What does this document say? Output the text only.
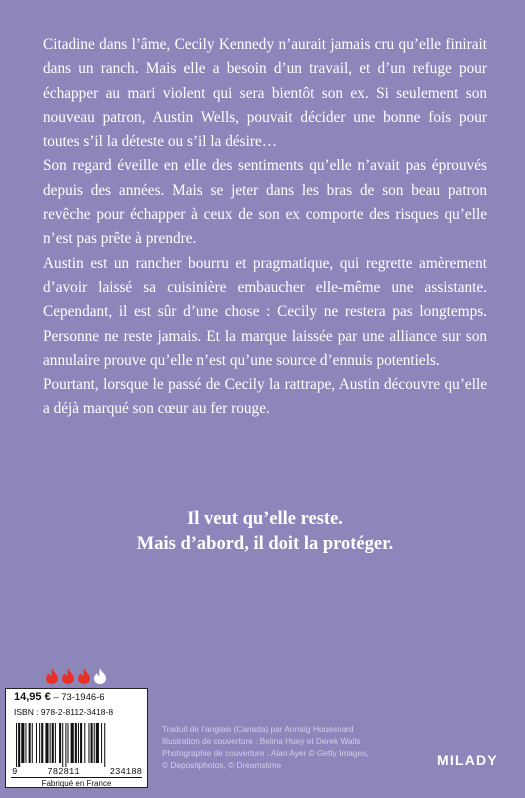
Citadine dans l’âme, Cecily Kennedy n’aurait jamais cru qu’elle finirait dans un ranch. Mais elle a besoin d’un travail, et d’un refuge pour échapper au mari violent qui sera bientôt son ex. Si seulement son nouveau patron, Austin Wells, pouvait décider une bonne fois pour toutes s’il la déteste ou s’il la désire…

Son regard éveille en elle des sentiments qu’elle n’avait pas éprouvés depuis des années. Mais se jeter dans les bras de son beau patron revêche pour échapper à ceux de son ex comporte des risques qu’elle n’est pas prête à prendre.

Austin est un rancher bourru et pragmatique, qui regrette amèrement d’avoir laissé sa cuisinière embaucher elle-même une assistante. Cependant, il est sûr d’une chose : Cecily ne restera pas longtemps. Personne ne reste jamais. Et la marque laissée par une alliance sur son annulaire prouve qu’elle n’est qu’une source d’ennuis potentiels.

Pourtant, lorsque le passé de Cecily la rattrape, Austin découvre qu’elle a déjà marqué son cœur au fer rouge.

Il veut qu’elle reste.
Mais d’abord, il doit la protéger.
14,95 € – 73-1946-6
ISBN : 978-2-8112-3418-8
9	782811	234188
Fabriqué en France
Traduit de l’anglais (Canada) par Annaïg Houesnard
Illustration de couverture : Belina Huey et Derek Walls
Photographie de couverture : Alan Ayer © Getty Images,
© Depositphotos, © Dreamstime	MILADY
